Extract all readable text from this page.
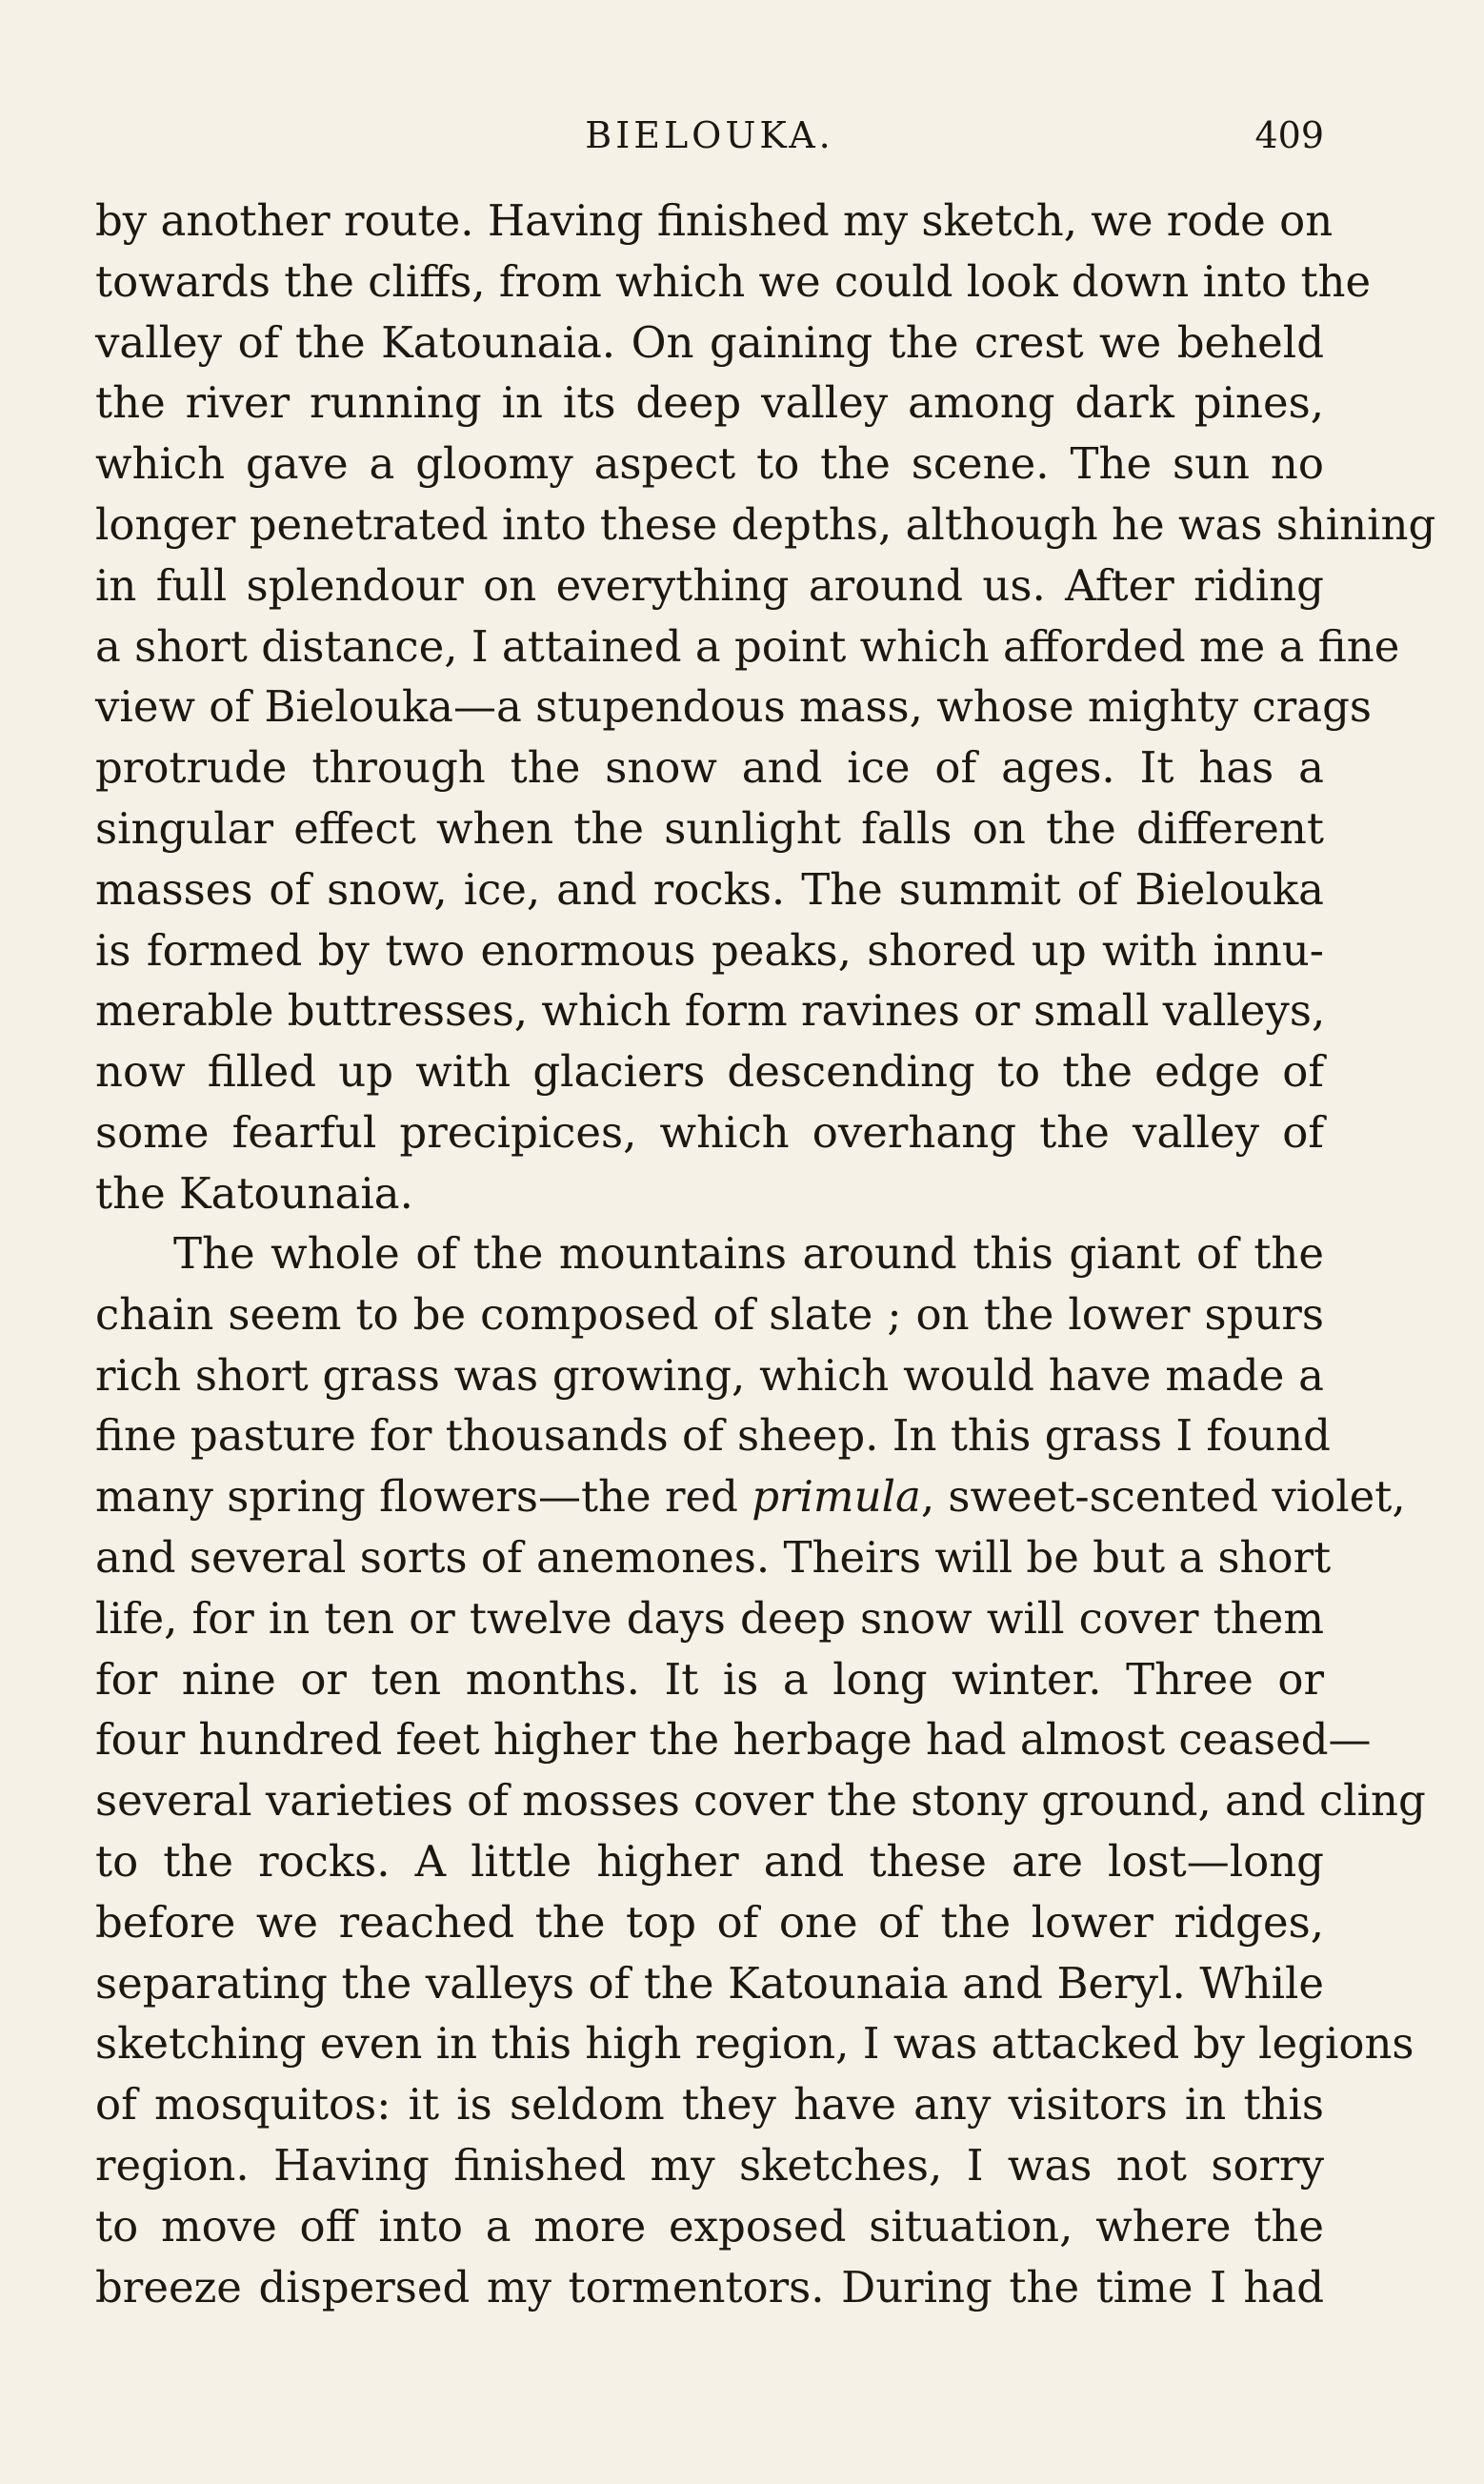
BIELOUKA.	409
by another route. Having finished my sketch, we rode on
towards the cliffs, from which we could look down into the
valley of the Katounaia. On gaining the crest we beheld
the river running in its deep valley among dark pines,
which gave a gloomy aspect to the scene. The sun no
longer penetrated into these depths, although he was shining
in full splendour on everything around us. After riding
a short distance, I attained a point which afforded me a fine
view of Bielouka—a stupendous mass, whose mighty crags
protrude through the snow and ice of ages. It has a
singular effect when the sunlight falls on the different
masses of snow, ice, and rocks. The summit of Bielouka
is formed by two enormous peaks, shored up with innu-
merable buttresses, which form ravines or small valleys,
now filled up with glaciers descending to the edge of
some fearful precipices, which overhang the valley of
the Katounaia.
The whole of the mountains around this giant of the
chain seem to be composed of slate ; on the lower spurs
rich short grass was growing, which would have made a
fine pasture for thousands of sheep. In this grass I found
many spring flowers—the red primula, sweet-scented violet,
and several sorts of anemones. Theirs will be but a short
life, for in ten or twelve days deep snow will cover them
for nine or ten months. It is a long winter. Three or
four hundred feet higher the herbage had almost ceased—
several varieties of mosses cover the stony ground, and cling
to the rocks. A little higher and these are lost—long
before we reached the top of one of the lower ridges,
separating the valleys of the Katounaia and Beryl. While
sketching even in this high region, I was attacked by legions
of mosquitos: it is seldom they have any visitors in this
region. Having finished my sketches, I was not sorry
to move off into a more exposed situation, where the
breeze dispersed my tormentors. During the time I had
